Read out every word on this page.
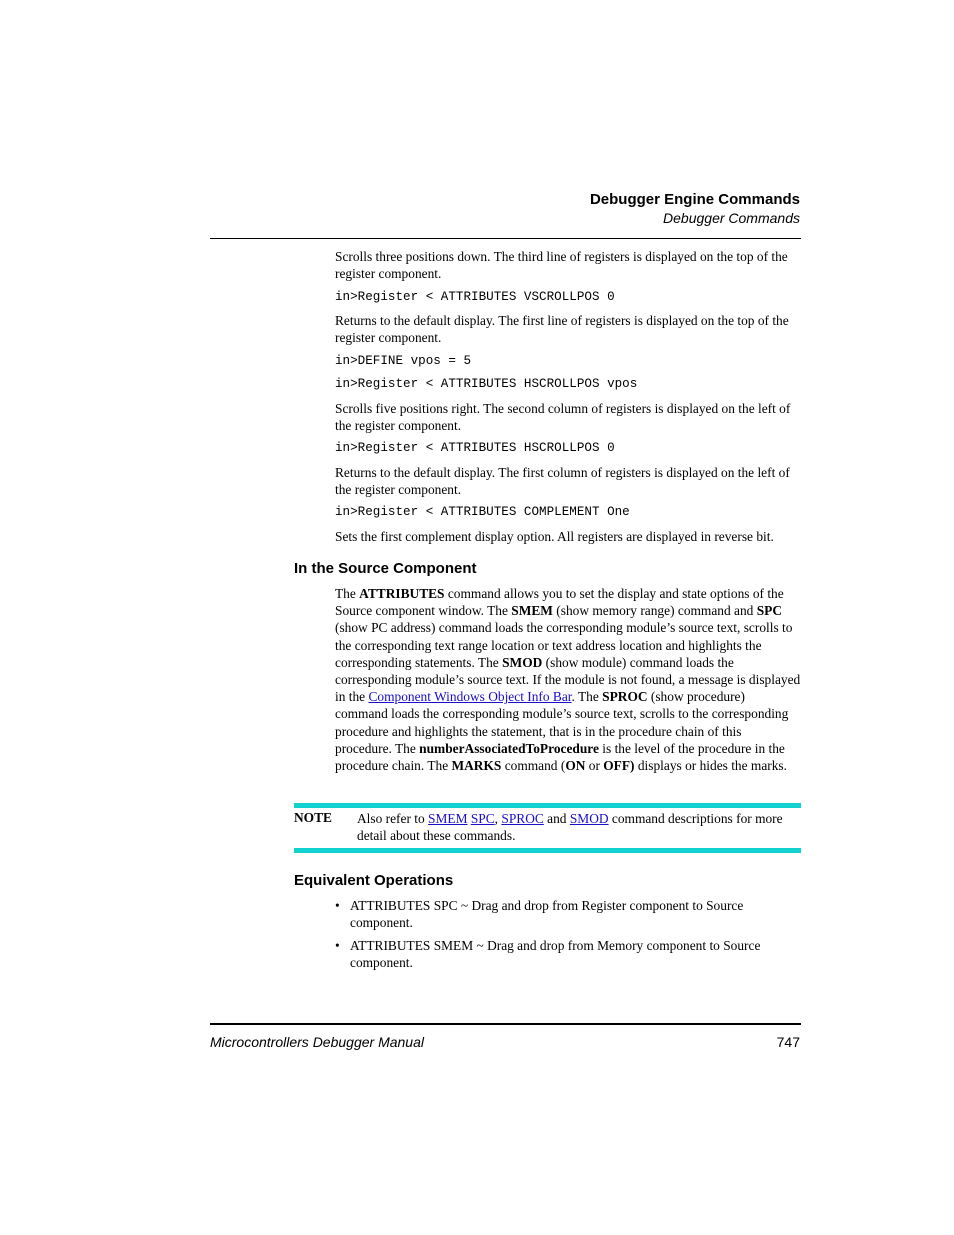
Debugger Engine Commands
Debugger Commands

Scrolls three positions down. The third line of registers is displayed on the top of the register component.

in>Register < ATTRIBUTES VSCROLLPOS 0

Returns to the default display. The first line of registers is displayed on the top of the register component.

in>DEFINE vpos = 5
in>Register < ATTRIBUTES HSCROLLPOS vpos

Scrolls five positions right. The second column of registers is displayed on the left of the register component.

in>Register < ATTRIBUTES HSCROLLPOS 0

Returns to the default display. The first column of registers is displayed on the left of the register component.

in>Register < ATTRIBUTES COMPLEMENT One

Sets the first complement display option. All registers are displayed in reverse bit.

In the Source Component

The ATTRIBUTES command allows you to set the display and state options of the Source component window. The SMEM (show memory range) command and SPC (show PC address) command loads the corresponding module’s source text, scrolls to the corresponding text range location or text address location and highlights the corresponding statements. The SMOD (show module) command loads the corresponding module’s source text. If the module is not found, a message is displayed in the Component Windows Object Info Bar. The SPROC (show procedure) command loads the corresponding module’s source text, scrolls to the corresponding procedure and highlights the statement, that is in the procedure chain of this procedure. The numberAssociatedToProcedure is the level of the procedure in the procedure chain. The MARKS command (ON or OFF) displays or hides the marks.

NOTE Also refer to SMEM SPC, SPROC and SMOD command descriptions for more detail about these commands.
Equivalent Operations
• ATTRIBUTES SPC ~ Drag and drop from Register component to Source component.
• ATTRIBUTES SMEM ~ Drag and drop from Memory component to Source component.
Microcontrollers Debugger Manual	747
